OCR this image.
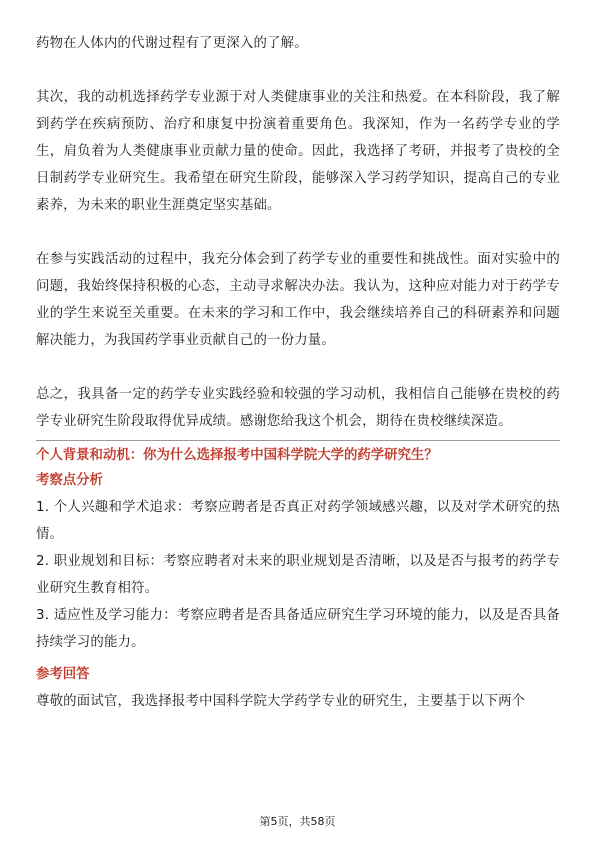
药物在人体内的代谢过程有了更深入的了解。

其次，我的动机选择药学专业源于对人类健康事业的关注和热爱。在本科阶段，我了解到药学在疾病预防、治疗和康复中扮演着重要角色。我深知，作为一名药学专业的学生，肩负着为人类健康事业贡献力量的使命。因此，我选择了考研，并报考了贵校的全日制药学专业研究生。我希望在研究生阶段，能够深入学习药学知识，提高自己的专业素养，为未来的职业生涯奠定坚实基础。

在参与实践活动的过程中，我充分体会到了药学专业的重要性和挑战性。面对实验中的问题，我始终保持积极的心态，主动寻求解决办法。我认为，这种应对能力对于药学专业的学生来说至关重要。在未来的学习和工作中，我会继续培养自己的科研素养和问题解决能力，为我国药学事业贡献自己的一份力量。

总之，我具备一定的药学专业实践经验和较强的学习动机，我相信自己能够在贵校的药学专业研究生阶段取得优异成绩。感谢您给我这个机会，期待在贵校继续深造。

个人背景和动机：你为什么选择报考中国科学院大学的药学研究生？

考察点分析

1. 个人兴趣和学术追求：考察应聘者是否真正对药学领域感兴趣，以及对学术研究的热情。

2. 职业规划和目标：考察应聘者对未来的职业规划是否清晰，以及是否与报考的药学专业研究生教育相符。

3. 适应性及学习能力：考察应聘者是否具备适应研究生学习环境的能力，以及是否具备持续学习的能力。

参考回答

尊敬的面试官，我选择报考中国科学院大学药学专业的研究生，主要基于以下两个

第5页，共58页
